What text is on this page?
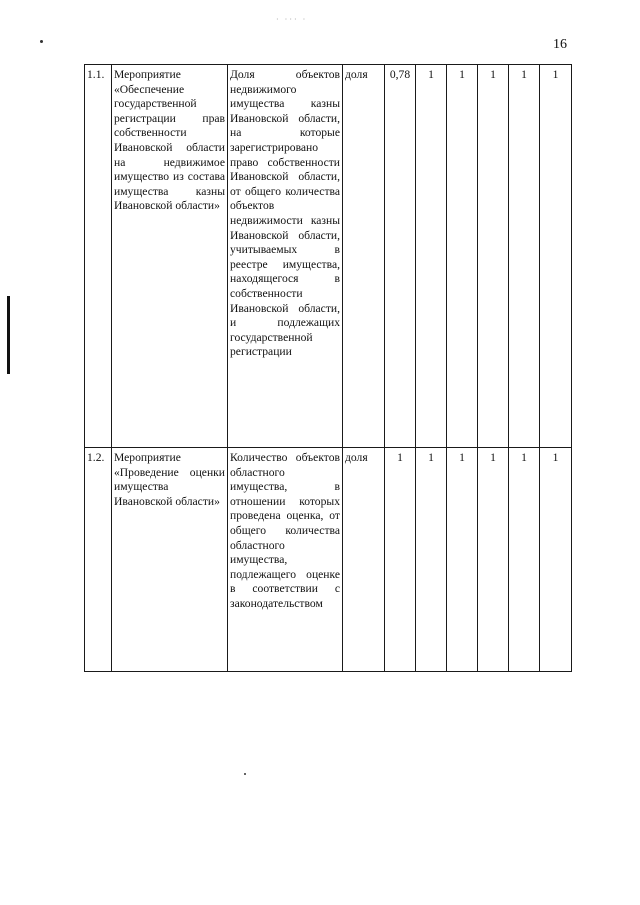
· ··· ·
16
1.1.	Мероприятие «Обеспечение государственной регистрации прав собственности Ивановской области на недвижимое имущество из состава имущества казны Ивановской области»	Доля объектов недвижимого имущества казны Ивановской области, на которые зарегистрировано право собственности Ивановской области, от общего количества объектов недвижимости казны Ивановской области, учитываемых в реестре имущества, находящегося в собственности Ивановской области, и подлежащих государственной регистрации	доля	0,78	1	1	1	1	1
1.2.	Мероприятие «Проведение оценки имущества Ивановской области»	Количество объектов областного имущества, в отношении которых проведена оценка, от общего количества областного имущества, подлежащего оценке в соответствии с законодательством	доля	1	1	1	1	1	1
